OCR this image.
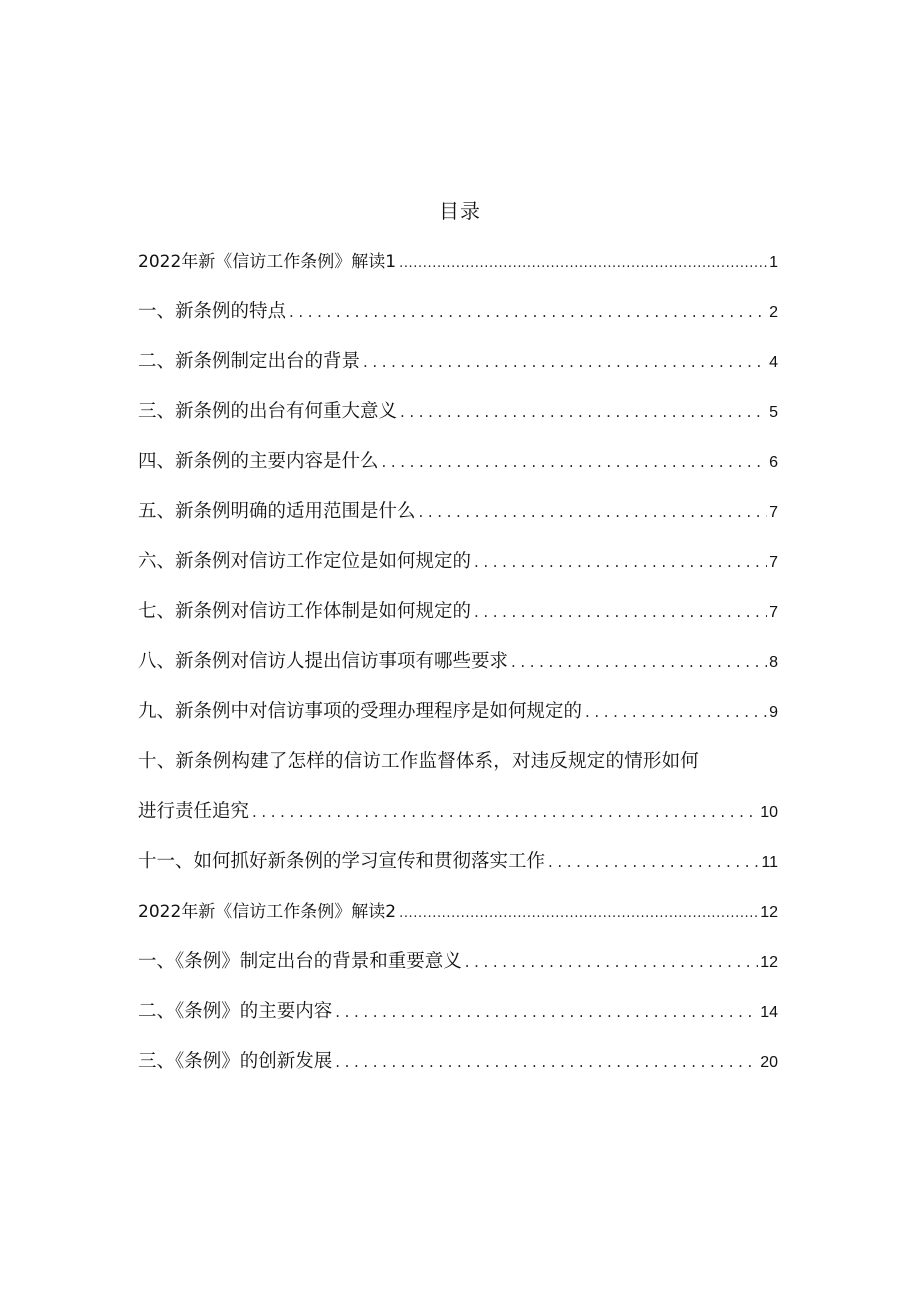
目录
2022年新《信访工作条例》解读1 .....	1
一、新条例的特点 .....	2
二、新条例制定出台的背景 .....	4
三、新条例的出台有何重大意义 .....	5
四、新条例的主要内容是什么 .....	6
五、新条例明确的适用范围是什么 .....	7
六、新条例对信访工作定位是如何规定的 .....	7
七、新条例对信访工作体制是如何规定的 .....	7
八、新条例对信访人提出信访事项有哪些要求 .....	8
九、新条例中对信访事项的受理办理程序是如何规定的 .....	9
十、新条例构建了怎样的信访工作监督体系，对违反规定的情形如何
进行责任追究 .....	10
十一、如何抓好新条例的学习宣传和贯彻落实工作 .....	11
2022年新《信访工作条例》解读2 .....	12
一、《条例》制定出台的背景和重要意义 .....	12
二、《条例》的主要内容 .....	14
三、《条例》的创新发展 .....	20
